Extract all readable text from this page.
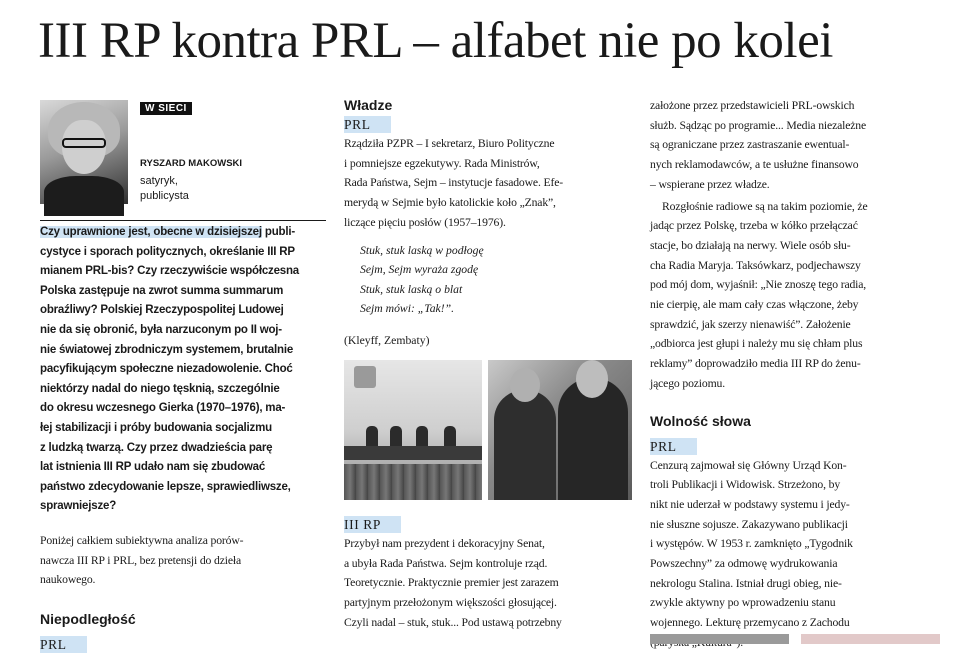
III RP kontra PRL – alfabet nie po kolei
W SIECI
RYSZARD MAKOWSKI
satyryk,
publicysta
Czy uprawnione jest, obecne w dzisiejszej publi-
cystyce i sporach politycznych, określanie III RP
mianem PRL-bis? Czy rzeczywiście współczesna
Polska zastępuje na zwrot summa summarum
obraźliwy? Polskiej Rzeczypospolitej Ludowej
nie da się obronić, była narzuconym po II woj-
nie światowej zbrodniczym systemem, brutalnie
pacyfikującym społeczne niezadowolenie. Choć
niektórzy nadal do niego tęsknią, szczególnie
do okresu wczesnego Gierka (1970–1976), ma-
łej stabilizacji i próby budowania socjalizmu
z ludzką twarzą. Czy przez dwadzieścia parę
lat istnienia III RP udało nam się zbudować
państwo zdecydowanie lepsze, sprawiedliwsze,
sprawniejsze?
Poniżej całkiem subiektywna analiza porów-
nawcza III RP i PRL, bez pretensji do dzieła
naukowego.
Niepodległość
PRL
Władze
PRL
Rządziła PZPR – I sekretarz, Biuro Polityczne
i pomniejsze egzekutywy. Rada Ministrów,
Rada Państwa, Sejm – instytucje fasadowe. Efe-
merydą w Sejmie było katolickie koło „Znak”,
liczące pięciu posłów (1957–1976).
Stuk, stuk laską w podłogę
Sejm, Sejm wyraża zgodę
Stuk, stuk laską o blat
Sejm mówi: „Tak!”.
(Kleyff, Zembaty)
III RP
Przybył nam prezydent i dekoracyjny Senat,
a ubyła Rada Państwa. Sejm kontroluje rząd.
Teoretycznie. Praktycznie premier jest zarazem
partyjnym przełożonym większości głosującej.
Czyli nadal – stuk, stuk... Pod ustawą potrzebny
założone przez przedstawicieli PRL-owskich
służb. Sądząc po programie... Media niezależne
są ograniczane przez zastraszanie ewentual-
nych reklamodawców, a te usłużne finansowo
– wspierane przez władze.
Rozgłośnie radiowe są na takim poziomie, że
jadąc przez Polskę, trzeba w kółko przełączać
stacje, bo działają na nerwy. Wiele osób słu-
cha Radia Maryja. Taksówkarz, podjechawszy
pod mój dom, wyjaśnił: „Nie znoszę tego radia,
nie cierpię, ale mam cały czas włączone, żeby
sprawdzić, jak szerzy nienawiść”. Założenie
„odbiorca jest głupi i należy mu się chłam plus
reklamy” doprowadziło media III RP do żenu-
jącego poziomu.
Wolność słowa
PRL
Cenzurą zajmował się Główny Urząd Kon-
troli Publikacji i Widowisk. Strzeżono, by
nikt nie uderzał w podstawy systemu i jedy-
nie słuszne sojusze. Zakazywano publikacji
i występów. W 1953 r. zamknięto „Tygodnik
Powszechny” za odmowę wydrukowania
nekrologu Stalina. Istniał drugi obieg, nie-
zwykle aktywny po wprowadzeniu stanu
wojennego. Lekturę przemycano z Zachodu
